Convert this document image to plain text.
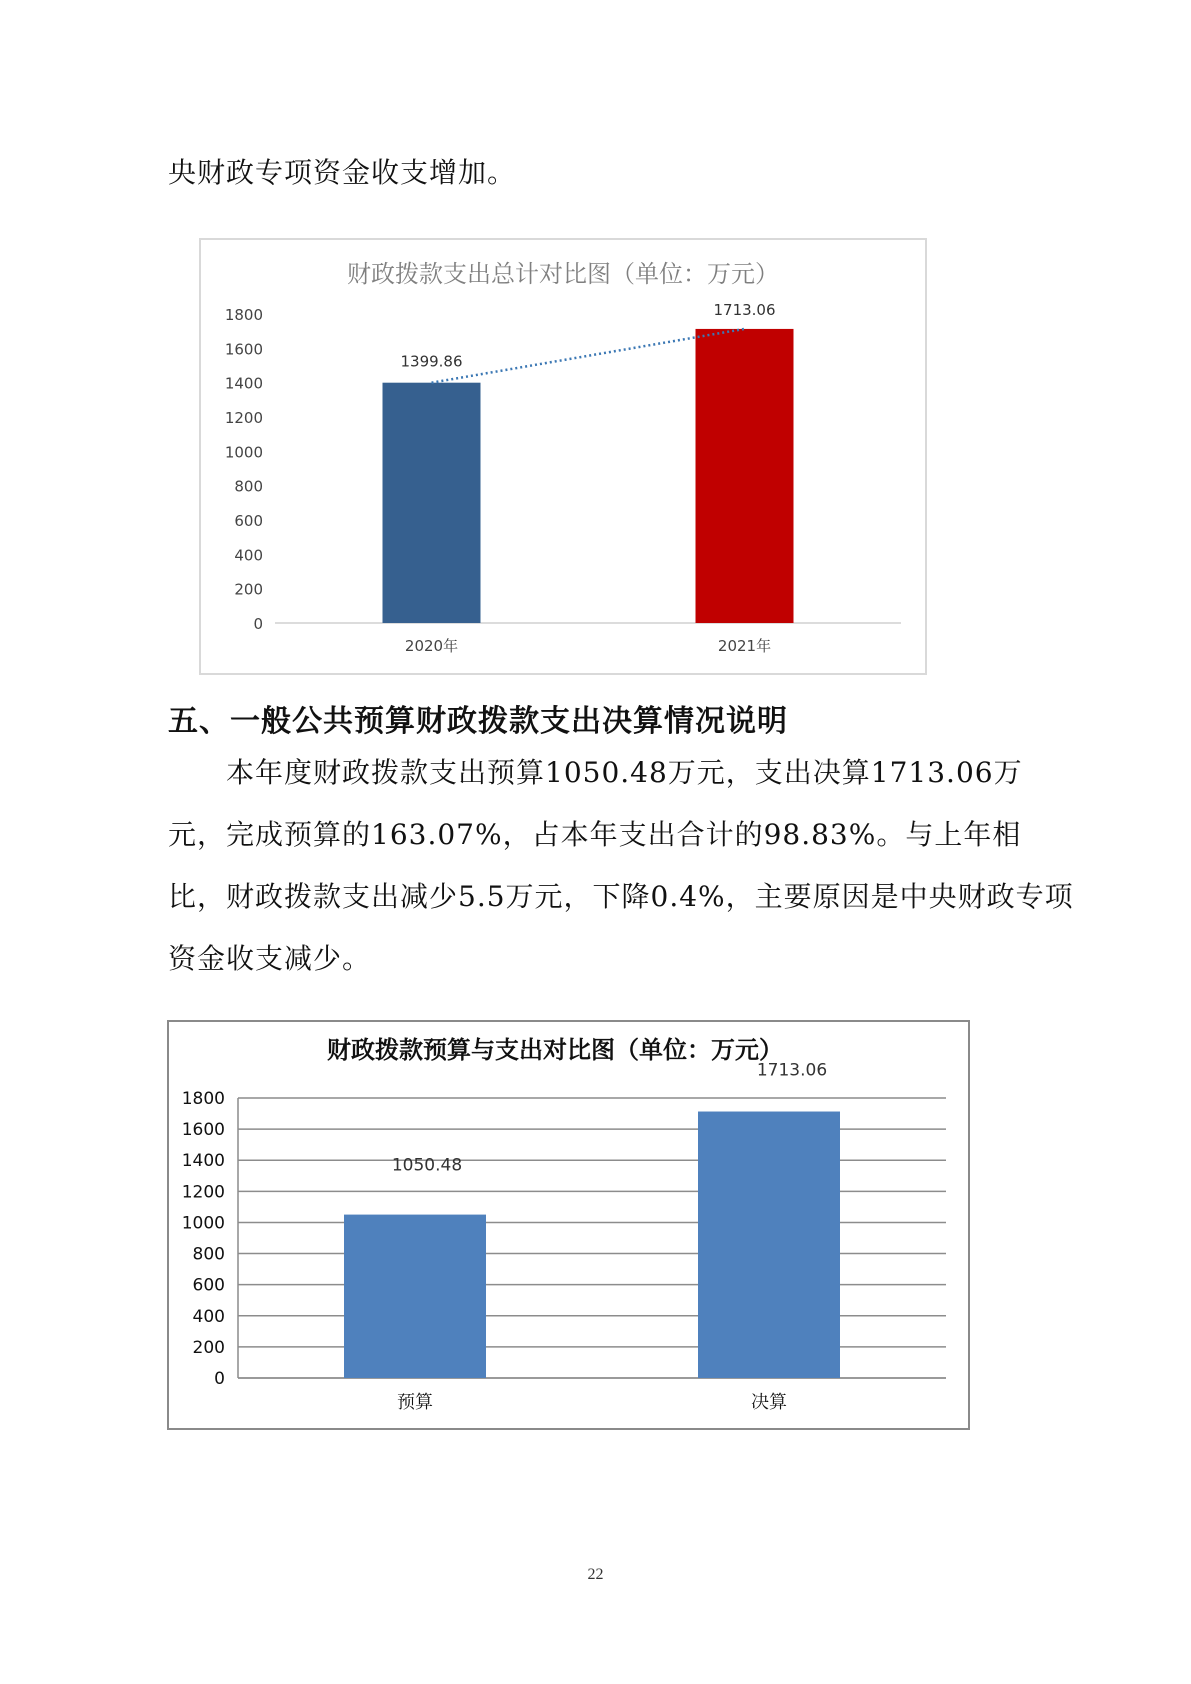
央财政专项资金收支增加。

财政拨款支出总计对比图（单位：万元）
0
200
400
600
800
1000
1200
1400
1600
1800
1399.86
2020年
1713.06
2021年
五、一般公共预算财政拨款支出决算情况说明

本年度财政拨款支出预算1050.48万元，支出决算1713.06万元，完成预算的163.07%，占本年支出合计的98.83%。与上年相比，财政拨款支出减少5.5万元，下降0.4%，主要原因是中央财政专项资金收支减少。

财政拨款预算与支出对比图（单位：万元）
0
200
400
600
800
1000
1200
1400
1600
1800
1050.48
预算
1713.06
决算
22
